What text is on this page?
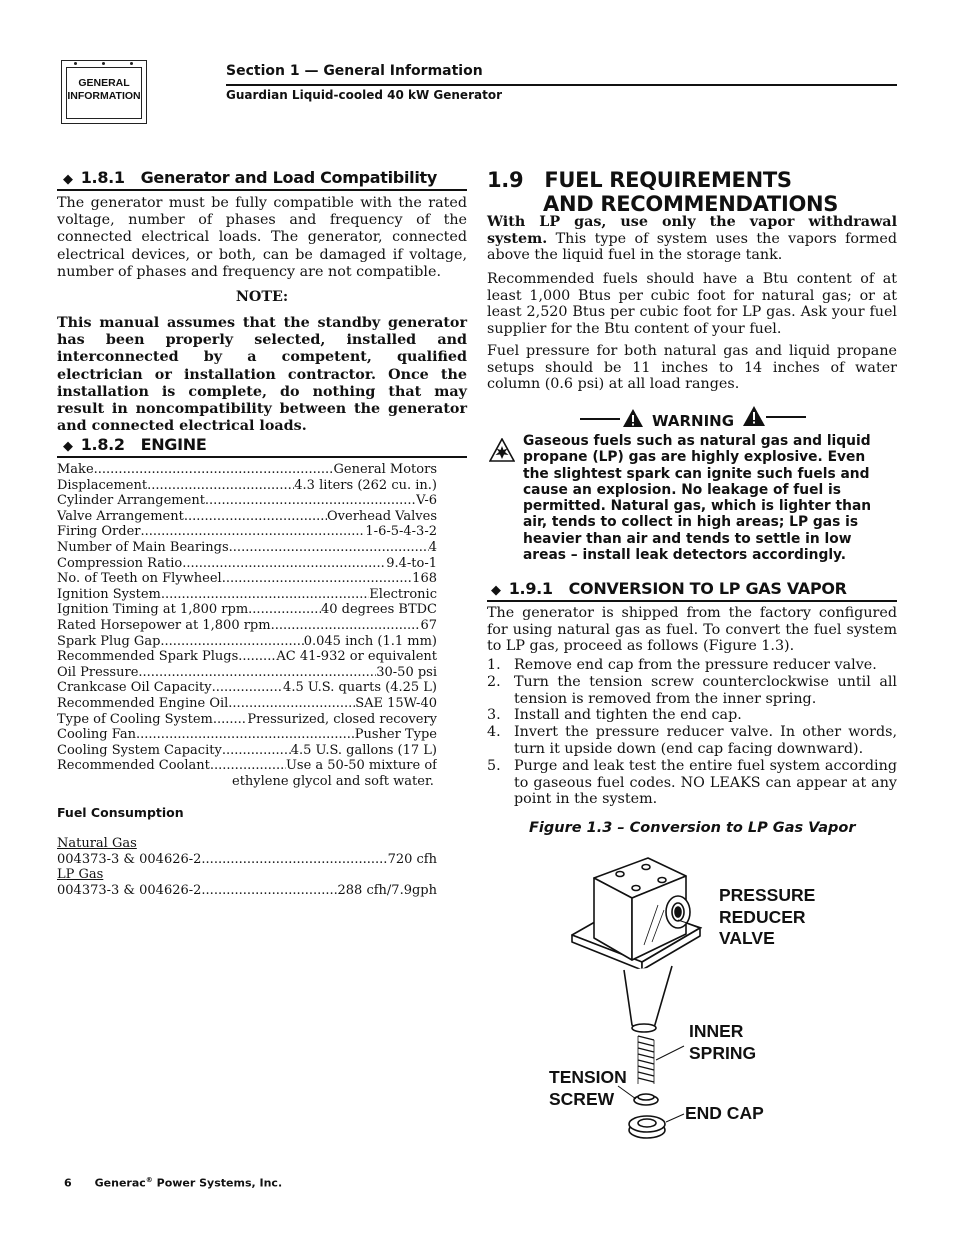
GENERAL
INFORMATION
Section 1 — General Information
Guardian Liquid-cooled 40 kW Generator
◆ 1.8.1 Generator and Load Compatibility
The generator must be fully compatible with the rated voltage, number of phases and frequency of the connected electrical loads. The generator, connected electrical devices, or both, can be damaged if voltage, number of phases and frequency are not compatible.
NOTE:
This manual assumes that the standby generator has been properly selected, installed and interconnected by a competent, qualified electrician or installation contractor. Once the installation is complete, do nothing that may result in noncompatibility between the generator and connected electrical loads.
◆ 1.8.2 ENGINE
Make .....	General Motors
Displacement .....	4.3 liters (262 cu. in.)
Cylinder Arrangement .....	V-6
Valve Arrangement .....	Overhead Valves
Firing Order .....	1-6-5-4-3-2
Number of Main Bearings .....	4
Compression Ratio .....	9.4-to-1
No. of Teeth on Flywheel .....	168
Ignition System .....	Electronic
Ignition Timing at 1,800 rpm .....	40 degrees BTDC
Rated Horsepower at 1,800 rpm .....	67
Spark Plug Gap .....	0.045 inch (1.1 mm)
Recommended Spark Plugs .....	AC 41-932 or equivalent
Oil Pressure .....	30-50 psi
Crankcase Oil Capacity .....	4.5 U.S. quarts (4.25 L)
Recommended Engine Oil .....	SAE 15W-40
Type of Cooling System .....	Pressurized, closed recovery
Cooling Fan .....	Pusher Type
Cooling System Capacity .....	4.5 U.S. gallons (17 L)
Recommended Coolant .....	Use a 50-50 mixture of
ethylene glycol and soft water.
Fuel Consumption
Natural Gas
004373-3 & 004626-2 .....	720 cfh
LP Gas
004373-3 & 004626-2 .....	288 cfh/7.9gph
1.9 FUEL REQUIREMENTS
AND RECOMMENDATIONS
With LP gas, use only the vapor withdrawal system. This type of system uses the vapors formed above the liquid fuel in the storage tank.
Recommended fuels should have a Btu content of at least 1,000 Btus per cubic foot for natural gas; or at least 2,520 Btus per cubic foot for LP gas. Ask your fuel supplier for the Btu content of your fuel.
Fuel pressure for both natural gas and liquid propane setups should be 11 inches to 14 inches of water column (0.6 psi) at all load ranges.
WARNING
Gaseous fuels such as natural gas and liquid propane (LP) gas are highly explosive. Even the slightest spark can ignite such fuels and cause an explosion. No leakage of fuel is permitted. Natural gas, which is lighter than air, tends to collect in high areas; LP gas is heavier than air and tends to settle in low areas – install leak detectors accordingly.
◆ 1.9.1 CONVERSION TO LP GAS VAPOR
The generator is shipped from the factory configured for using natural gas as fuel. To convert the fuel system to LP gas, proceed as follows (Figure 1.3).
1. Remove end cap from the pressure reducer valve.
2. Turn the tension screw counterclockwise until all tension is removed from the inner spring.
3. Install and tighten the end cap.
4. Invert the pressure reducer valve. In other words, turn it upside down (end cap facing downward).
5. Purge and leak test the entire fuel system according to gaseous fuel codes. NO LEAKS can appear at any point in the system.
Figure 1.3 – Conversion to LP Gas Vapor
PRESSURE
REDUCER
VALVE
INNER
SPRING
TENSION
SCREW
END CAP
6 Generac® Power Systems, Inc.
